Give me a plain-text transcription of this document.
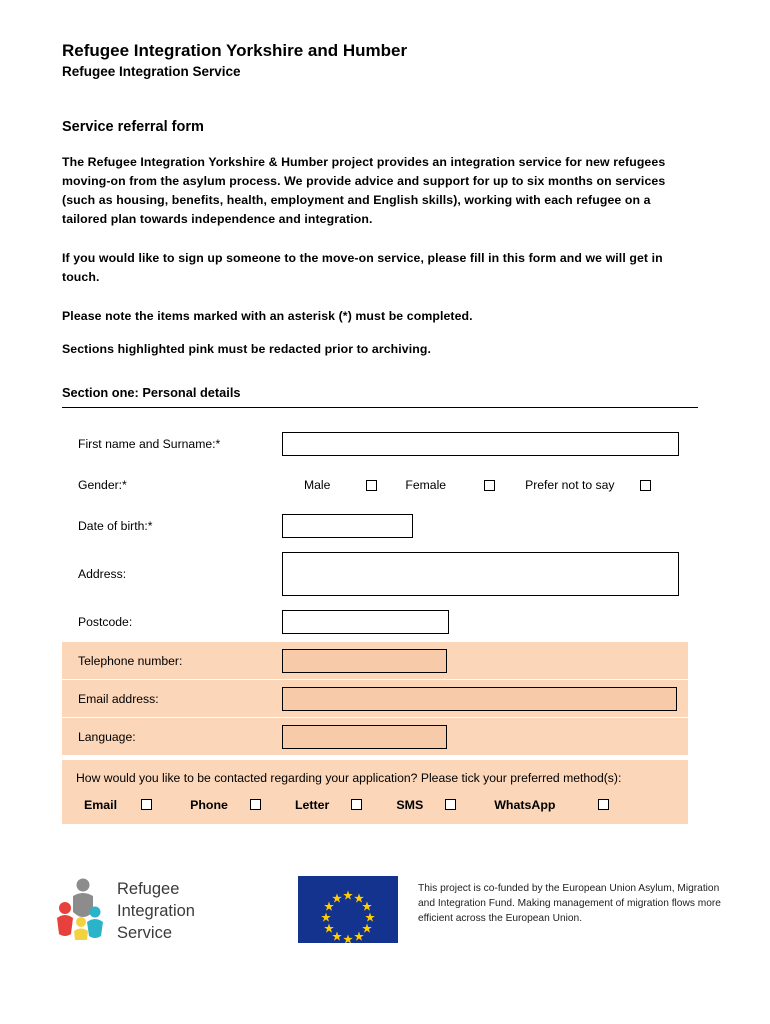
Refugee Integration Yorkshire and Humber
Refugee Integration Service
Service referral form

The Refugee Integration Yorkshire & Humber project provides an integration service for new refugees moving-on from the asylum process. We provide advice and support for up to six months on services (such as housing, benefits, health, employment and English skills), working with each refugee on a tailored plan towards independence and integration.

If you would like to sign up someone to the move-on service, please fill in this form and we will get in touch.

Please note the items marked with an asterisk (*) must be completed.

Sections highlighted pink must be redacted prior to archiving.

Section one: Personal details
First name and Surname:*
Gender:*	Male	Female	Prefer not to say
Date of birth:*
Address:
Postcode:
Telephone number:
Email address:
Language:
How would you like to be contacted regarding your application? Please tick your preferred method(s):
Email	Phone	Letter	SMS	WhatsApp
Refugee
Integration
Service
This project is co-funded by the European Union Asylum, Migration and Integration Fund. Making management of migration flows more efficient across the European Union.
